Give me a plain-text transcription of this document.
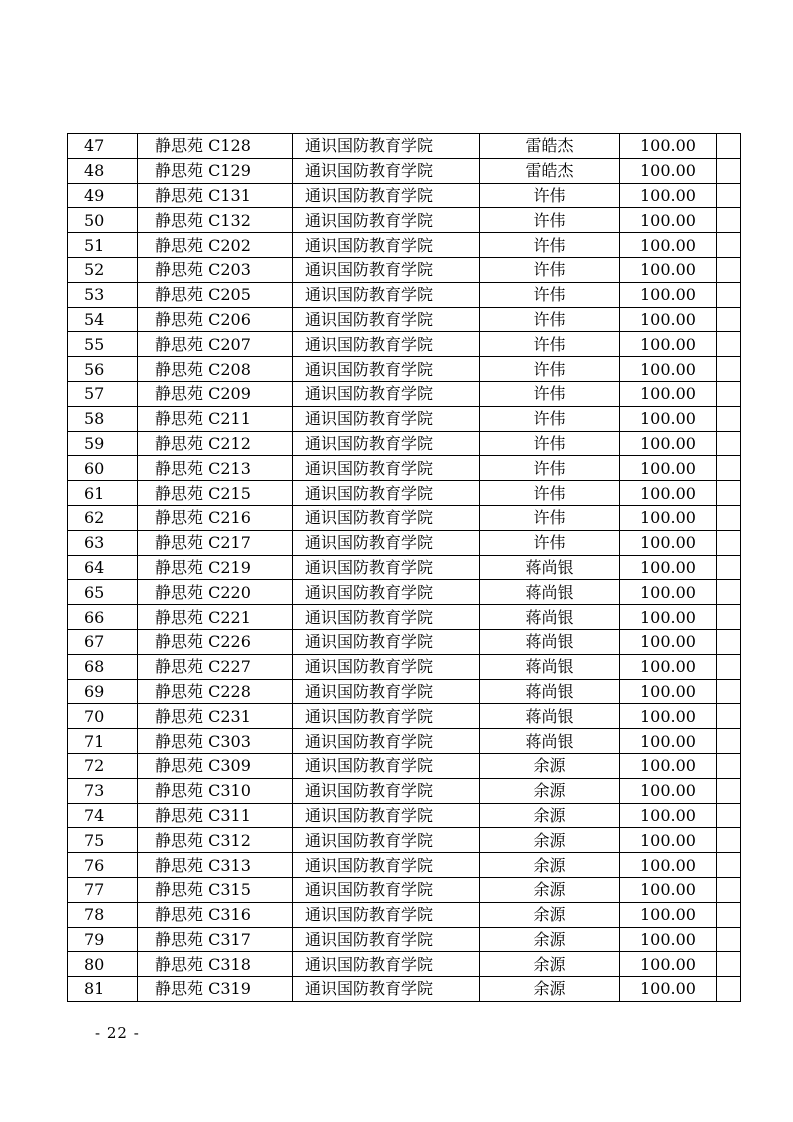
47	静思苑 C128	通识国防教育学院	雷皓杰	100.00	
48	静思苑 C129	通识国防教育学院	雷皓杰	100.00	
49	静思苑 C131	通识国防教育学院	许伟	100.00	
50	静思苑 C132	通识国防教育学院	许伟	100.00	
51	静思苑 C202	通识国防教育学院	许伟	100.00	
52	静思苑 C203	通识国防教育学院	许伟	100.00	
53	静思苑 C205	通识国防教育学院	许伟	100.00	
54	静思苑 C206	通识国防教育学院	许伟	100.00	
55	静思苑 C207	通识国防教育学院	许伟	100.00	
56	静思苑 C208	通识国防教育学院	许伟	100.00	
57	静思苑 C209	通识国防教育学院	许伟	100.00	
58	静思苑 C211	通识国防教育学院	许伟	100.00	
59	静思苑 C212	通识国防教育学院	许伟	100.00	
60	静思苑 C213	通识国防教育学院	许伟	100.00	
61	静思苑 C215	通识国防教育学院	许伟	100.00	
62	静思苑 C216	通识国防教育学院	许伟	100.00	
63	静思苑 C217	通识国防教育学院	许伟	100.00	
64	静思苑 C219	通识国防教育学院	蒋尚银	100.00	
65	静思苑 C220	通识国防教育学院	蒋尚银	100.00	
66	静思苑 C221	通识国防教育学院	蒋尚银	100.00	
67	静思苑 C226	通识国防教育学院	蒋尚银	100.00	
68	静思苑 C227	通识国防教育学院	蒋尚银	100.00	
69	静思苑 C228	通识国防教育学院	蒋尚银	100.00	
70	静思苑 C231	通识国防教育学院	蒋尚银	100.00	
71	静思苑 C303	通识国防教育学院	蒋尚银	100.00	
72	静思苑 C309	通识国防教育学院	余源	100.00	
73	静思苑 C310	通识国防教育学院	余源	100.00	
74	静思苑 C311	通识国防教育学院	余源	100.00	
75	静思苑 C312	通识国防教育学院	余源	100.00	
76	静思苑 C313	通识国防教育学院	余源	100.00	
77	静思苑 C315	通识国防教育学院	余源	100.00	
78	静思苑 C316	通识国防教育学院	余源	100.00	
79	静思苑 C317	通识国防教育学院	余源	100.00	
80	静思苑 C318	通识国防教育学院	余源	100.00	
81	静思苑 C319	通识国防教育学院	余源	100.00	
- 22 -
